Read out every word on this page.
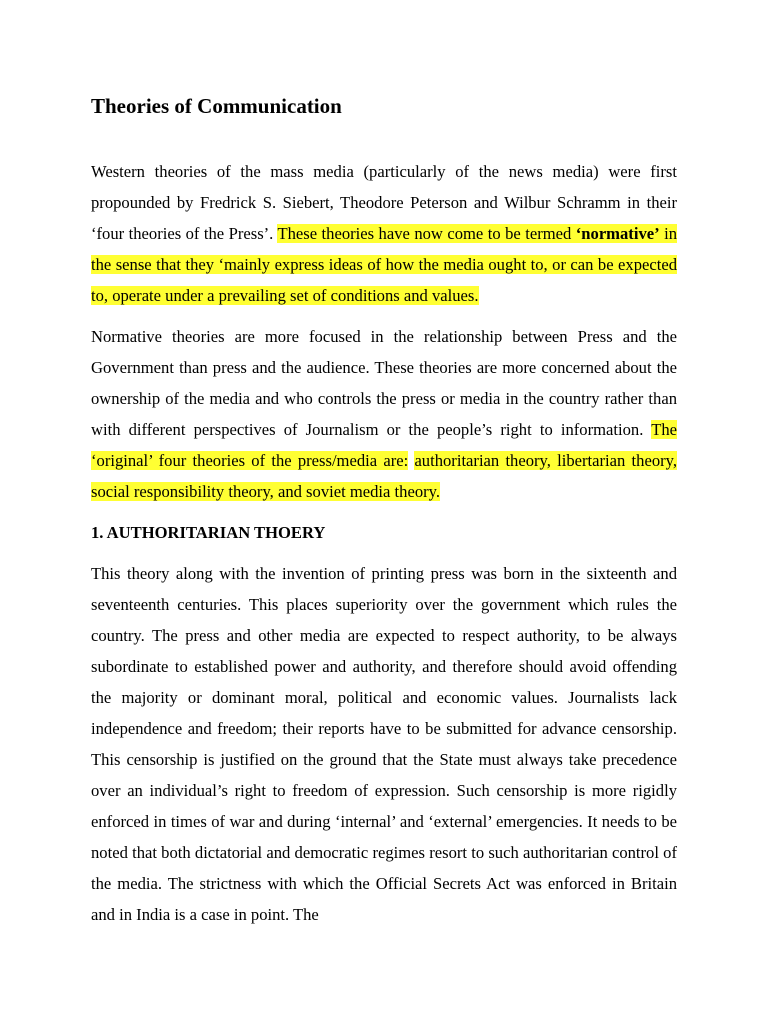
Theories of Communication

Western theories of the mass media (particularly of the news media) were first propounded by Fredrick S. Siebert, Theodore Peterson and Wilbur Schramm in their ‘four theories of the Press’. These theories have now come to be termed ‘normative’ in the sense that they ‘mainly express ideas of how the media ought to, or can be expected to, operate under a prevailing set of conditions and values.

Normative theories are more focused in the relationship between Press and the Government than press and the audience. These theories are more concerned about the ownership of the media and who controls the press or media in the country rather than with different perspectives of Journalism or the people’s right to information. The ‘original’ four theories of the press/media are: authoritarian theory, libertarian theory, social responsibility theory, and soviet media theory.

1. AUTHORITARIAN THOERY

This theory along with the invention of printing press was born in the sixteenth and seventeenth centuries. This places superiority over the government which rules the country. The press and other media are expected to respect authority, to be always subordinate to established power and authority, and therefore should avoid offending the majority or dominant moral, political and economic values. Journalists lack independence and freedom; their reports have to be submitted for advance censorship. This censorship is justified on the ground that the State must always take precedence over an individual’s right to freedom of expression. Such censorship is more rigidly enforced in times of war and during ‘internal’ and ‘external’ emergencies. It needs to be noted that both dictatorial and democratic regimes resort to such authoritarian control of the media. The strictness with which the Official Secrets Act was enforced in Britain and in India is a case in point. The
